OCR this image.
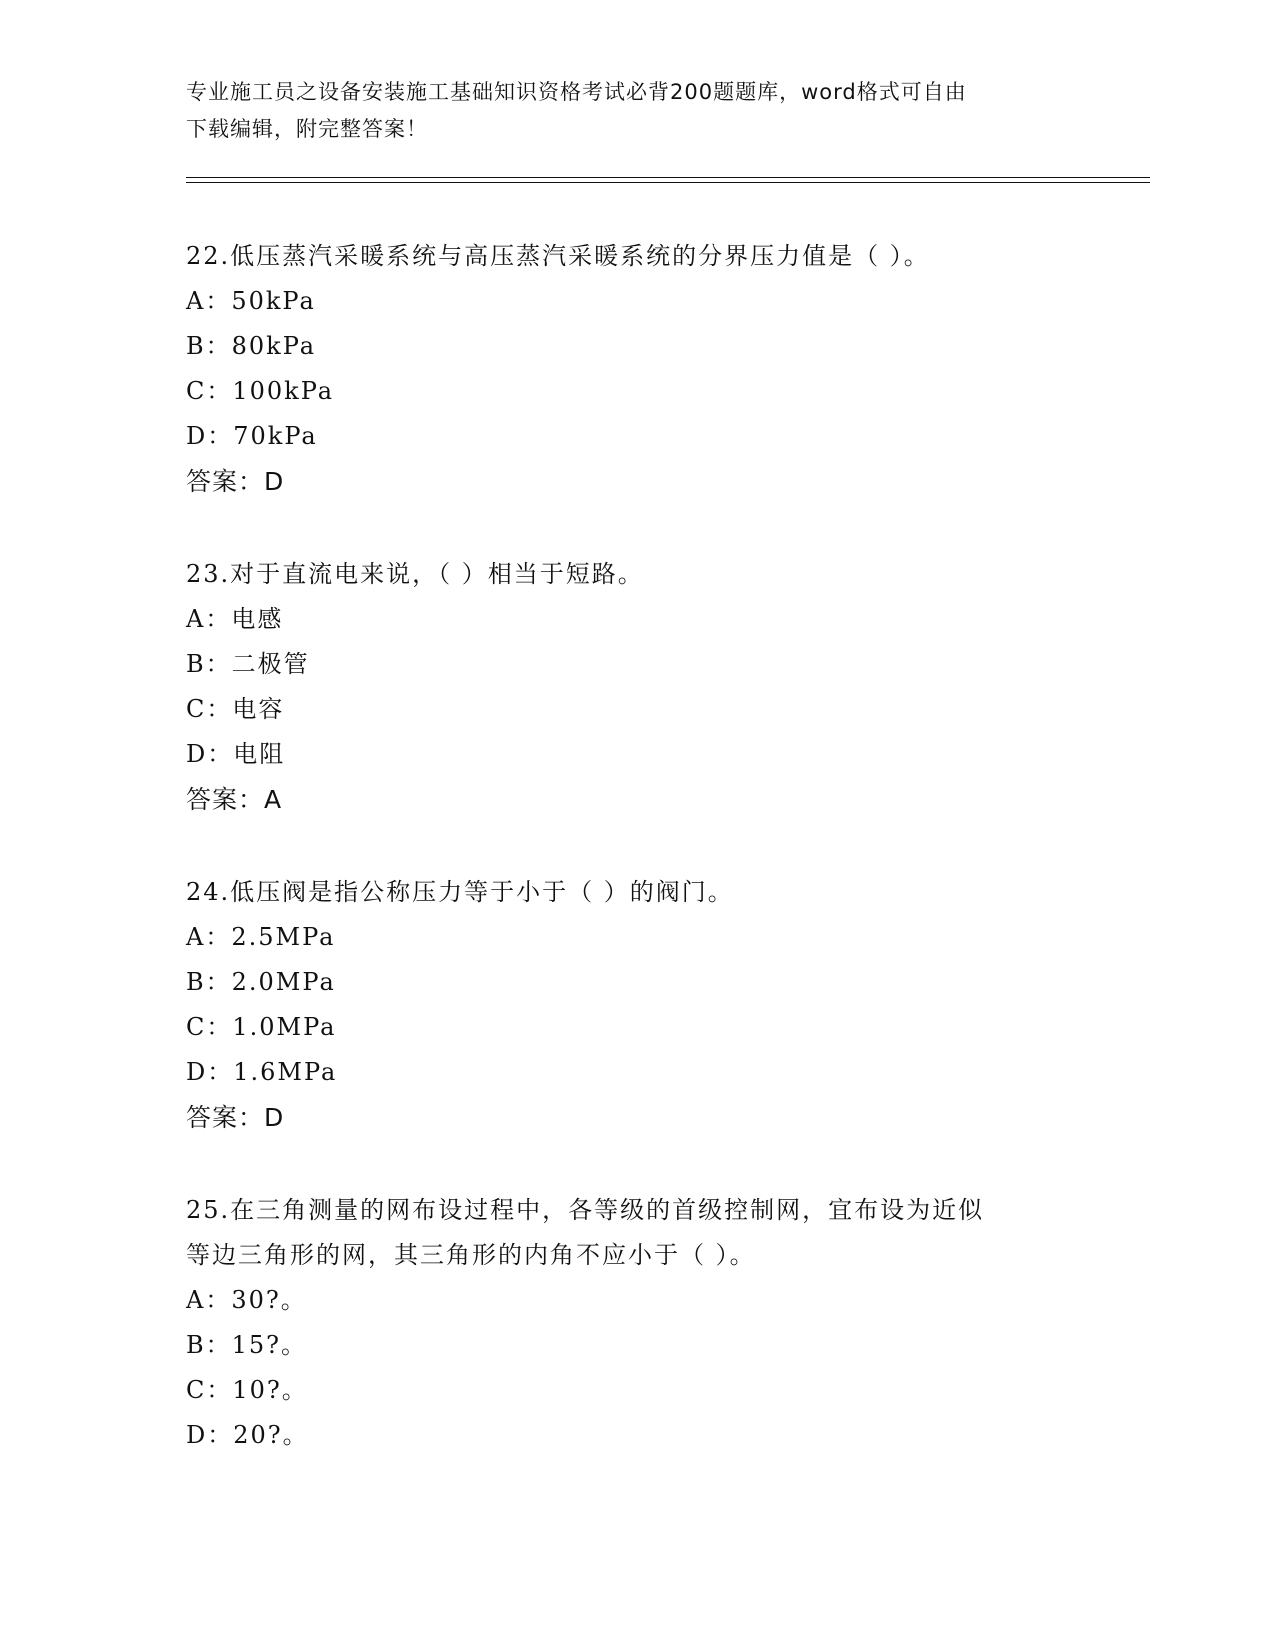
专业施工员之设备安装施工基础知识资格考试必背200题题库，word格式可自由
下载编辑，附完整答案！

22.低压蒸汽采暖系统与高压蒸汽采暖系统的分界压力值是（ ）。

A：50kPa

B：80kPa

C：100kPa

D：70kPa

答案：D

23.对于直流电来说，（ ）相当于短路。

A：电感

B：二极管

C：电容

D：电阻

答案：A

24.低压阀是指公称压力等于小于（ ）的阀门。

A：2.5MPa

B：2.0MPa

C：1.0MPa

D：1.6MPa

答案：D

25.在三角测量的网布设过程中，各等级的首级控制网，宜布设为近似

等边三角形的网，其三角形的内角不应小于（ ）。

A：30?。

B：15?。

C：10?。

D：20?。
